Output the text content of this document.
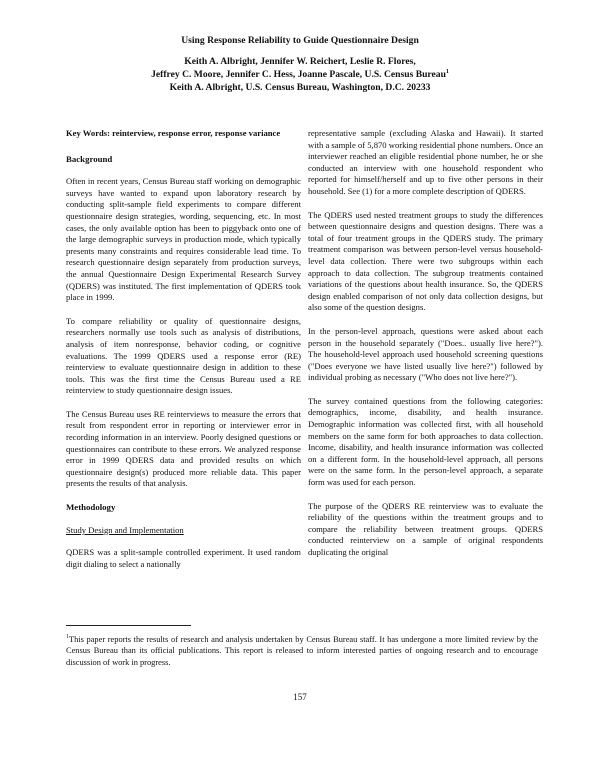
Using Response Reliability to Guide Questionnaire Design
Keith A. Albright, Jennifer W. Reichert, Leslie R. Flores,
Jeffrey C. Moore, Jennifer C. Hess, Joanne Pascale, U.S. Census Bureau$^1$
Keith A. Albright, U.S. Census Bureau, Washington, D.C. 20233
Key Words: reinterview, response error, response variance
Background

Often in recent years, Census Bureau staff working on demographic surveys have wanted to expand upon laboratory research by conducting split-sample field experiments to compare different questionnaire design strategies, wording, sequencing, etc. In most cases, the only available option has been to piggyback onto one of the large demographic surveys in production mode, which typically presents many constraints and requires considerable lead time. To research questionnaire design separately from production surveys, the annual Questionnaire Design Experimental Research Survey (QDERS) was instituted. The first implementation of QDERS took place in 1999.

To compare reliability or quality of questionnaire designs, researchers normally use tools such as analysis of distributions, analysis of item nonresponse, behavior coding, or cognitive evaluations. The 1999 QDERS used a response error (RE) reinterview to evaluate questionnaire design in addition to these tools. This was the first time the Census Bureau used a RE reinterview to study questionnaire design issues.

The Census Bureau uses RE reinterviews to measure the errors that result from respondent error in reporting or interviewer error in recording information in an interview. Poorly designed questions or questionnaires can contribute to these errors. We analyzed response error in 1999 QDERS data and provided results on which questionnaire design(s) produced more reliable data. This paper presents the results of that analysis.

Methodology
Study Design and Implementation

QDERS was a split-sample controlled experiment. It used random digit dialing to select a nationally

representative sample (excluding Alaska and Hawaii). It started with a sample of 5,870 working residential phone numbers. Once an interviewer reached an eligible residential phone number, he or she conducted an interview with one household respondent who reported for himself/herself and up to five other persons in their household. See (1) for a more complete description of QDERS.

The QDERS used nested treatment groups to study the differences between questionnaire designs and question designs. There was a total of four treatment groups in the QDERS study. The primary treatment comparison was between person-level versus household-level data collection. There were two subgroups within each approach to data collection. The subgroup treatments contained variations of the questions about health insurance. So, the QDERS design enabled comparison of not only data collection designs, but also some of the question designs.

In the person-level approach, questions were asked about each person in the household separately ("Does.. usually live here?"). The household-level approach used household screening questions ("Does everyone we have listed usually live here?") followed by individual probing as necessary ("Who does not live here?").

The survey contained questions from the following categories: demographics, income, disability, and health insurance. Demographic information was collected first, with all household members on the same form for both approaches to data collection. Income, disability, and health insurance information was collected on a different form. In the household-level approach, all persons were on the same form. In the person-level approach, a separate form was used for each person.

The purpose of the QDERS RE reinterview was to evaluate the reliability of the questions within the treatment groups and to compare the reliability between treatment groups. QDERS conducted reinterview on a sample of original respondents duplicating the original

$^1$This paper reports the results of research and analysis undertaken by Census Bureau staff. It has undergone a more limited review by the Census Bureau than its official publications. This report is released to inform interested parties of ongoing research and to encourage discussion of work in progress.
157
